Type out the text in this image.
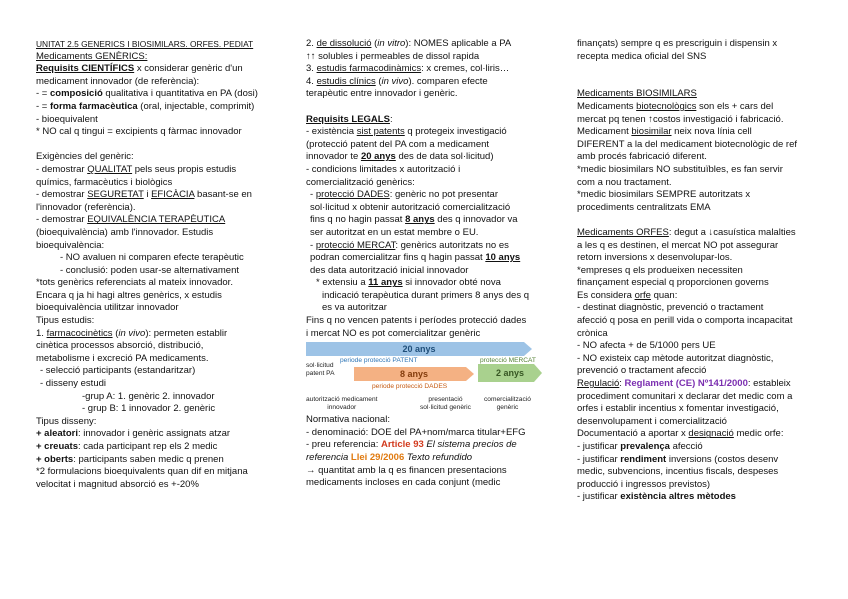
UNITAT 2.5 GENERICS I BIOSIMILARS. ORFES. PEDIAT
Medicaments GENÈRICS:
Requisits CIENTÍFICS x considerar genèric d'un
medicament innovador (de referència):
- = composició qualitativa i quantitativa en PA (dosi)
- = forma farmacèutica (oral, injectable, comprimit)
- bioequivalent
* NO cal q tingui = excipients q fàrmac innovador
Exigències del genèric:
- demostrar QUALITAT pels seus propis estudis
químics, farmacèutics i biològics
- demostrar SEGURETAT i EFICÀCIA basant-se en
l'innovador (referència).
- demostrar EQUIVALÈNCIA TERAPÈUTICA
(bioequivalència) amb l'innovador. Estudis
bioequivalència:
- NO avaluen ni comparen efecte terapèutic
- conclusió: poden usar-se alternativament
*tots genèrics referenciats al mateix innovador.
Encara q ja hi hagi altres genèrics, x estudis
bioequivalència utilitzar innovador
Tipus estudis:
1. farmacocinètics (in vivo): permeten establir
cinètica processos absorció, distribució,
metabolisme i excreció PA medicaments.
- selecció participants (estandaritzar)
- disseny estudi
-grup A: 1. genèric 2. innovador
- grup B: 1 innovador 2. genèric
Tipus disseny:
+ aleatori: innovador i genèric assignats atzar
+ creuats: cada participant rep els 2 medic
+ oberts: participants saben medic q prenen
*2 formulacions bioequivalents quan dif en mitjana
velocitat i magnitud absorció es +-20%
2. de dissolució (in vitro): NOMES aplicable a PA
↑↑ solubles i permeables de dissol rapida
3. estudis farmacodinàmics: x cremes, col·liris…
4. estudis clínics (in vivo). comparen efecte
terapèutic entre innovador i genèric.
Requisits LEGALS:
- existència sist patents q protegeix investigació
(protecció patent del PA com a medicament
innovador te 20 anys des de data sol·licitud)
- condicions limitades x autorització i
comercialització genèrics:
- protecció DADES: genèric no pot presentar
sol·licitud x obtenir autorització comercialització
fins q no hagin passat 8 anys des q innovador va
ser autoritzat en un estat membre o EU.
- protecció MERCAT: genèrics autoritzats no es
podran comercialitzar fins q hagin passat 10 anys
des data autorització inicial innovador
* extensiu a 11 anys si innovador obté nova
indicació terapèutica durant primers 8 anys des q
es va autoritzar
Fins q no vencen patents i períodes protecció dades
i mercat NO es pot comercialitzar genèric
20 anys
periode protecció PATENT	protecció MERCAT
sol·licitud
patent PA	8 anys	2 anys
periode protecció DADES
autorització medicament
innovador
presentació
sol·licitud genèric
comercialització
genèric
Normativa nacional:
- denominació: DOE del PA+nom/marca titular+EFG
- preu referencia: Article 93 El sistema precios de
referencia Llei 29/2006 Texto refundido
→ quantitat amb la q es financen presentacions
medicaments incloses en cada conjunt (medic
finançats) sempre q es prescriguin i dispensin x
recepta medica oficial del SNS
Medicaments BIOSIMILARS
Medicaments biotecnològics son els + cars del
mercat pq tenen ↑costos investigació i fabricació.
Medicament biosimilar neix nova línia cell
DIFERENT a la del medicament biotecnològic de ref
amb procés fabricació diferent.
*medic biosimilars NO substituïbles, es fan servir
com a nou tractament.
*medic biosimilars SEMPRE autoritzats x
procediments centralitzats EMA
Medicaments ORFES: degut a ↓casuística malalties
a les q es destinen, el mercat NO pot assegurar
retorn inversions x desenvolupar-los.
*empreses q els produeixen necessiten
finançament especial q proporcionen governs
Es considera orfe quan:
- destinat diagnòstic, prevenció o tractament
afecció q posa en perill vida o comporta incapacitat
crònica
- NO afecta + de 5/1000 pers UE
- NO existeix cap mètode autoritzat diagnòstic,
prevenció o tractament afecció
Regulació: Reglament (CE) Nº141/2000: estableix
procediment comunitari x declarar det medic com a
orfes i establir incentius x fomentar investigació,
desenvolupament i comercialització
Documentació a aportar x designació medic orfe:
- justificar prevalença afecció
- justificar rendiment inversions (costos desenv
medic, subvencions, incentius fiscals, despeses
producció i ingressos previstos)
- justificar existència altres mètodes
